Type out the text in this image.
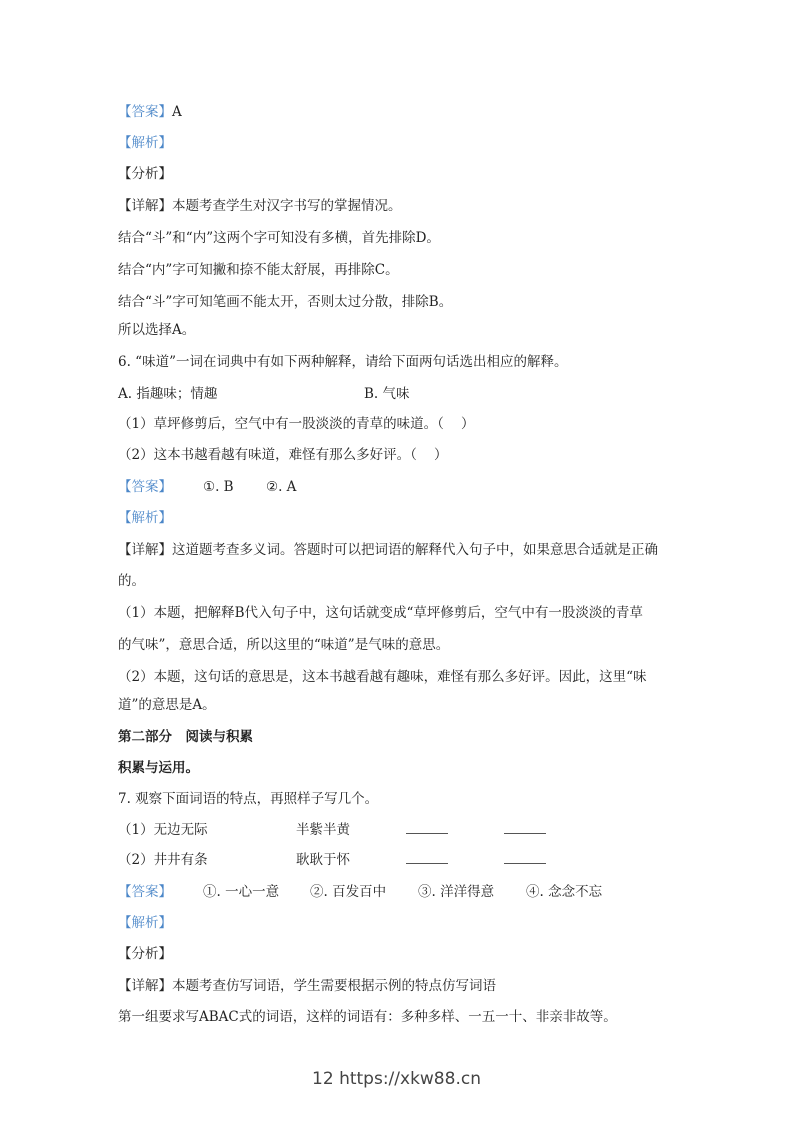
【答案】A
【解析】
【分析】
【详解】本题考查学生对汉字书写的掌握情况。
结合“斗”和“内”这两个字可知没有多横，首先排除D。
结合“内”字可知撇和捺不能太舒展，再排除C。
结合“斗”字可知笔画不能太开，否则太过分散，排除B。
所以选择A。
6. “味道”一词在词典中有如下两种解释，请给下面两句话选出相应的解释。
A. 指趣味；情趣	B. 气味
（1）草坪修剪后，空气中有一股淡淡的青草的味道。（    ）
（2）这本书越看越有味道，难怪有那么多好评。（    ）
【答案】 ①. B ②. A
【解析】
【详解】这道题考查多义词。答题时可以把词语的解释代入句子中，如果意思合适就是正确
的。
（1）本题，把解释B代入句子中，这句话就变成“草坪修剪后，空气中有一股淡淡的青草
的气味”，意思合适，所以这里的“味道”是气味的意思。
（2）本题，这句话的意思是，这本书越看越有趣味，难怪有那么多好评。因此，这里“味
道”的意思是A。
第二部分　阅读与积累
积累与运用。
7. 观察下面词语的特点，再照样子写几个。
（1）无边无际	半紫半黄
（2）井井有条	耿耿于怀
【答案】 ①. 一心一意 ②. 百发百中 ③. 洋洋得意 ④. 念念不忘
【解析】
【分析】
【详解】本题考查仿写词语，学生需要根据示例的特点仿写词语
第一组要求写ABAC式的词语，这样的词语有：多种多样、一五一十、非亲非故等。
12 https://xkw88.cn
